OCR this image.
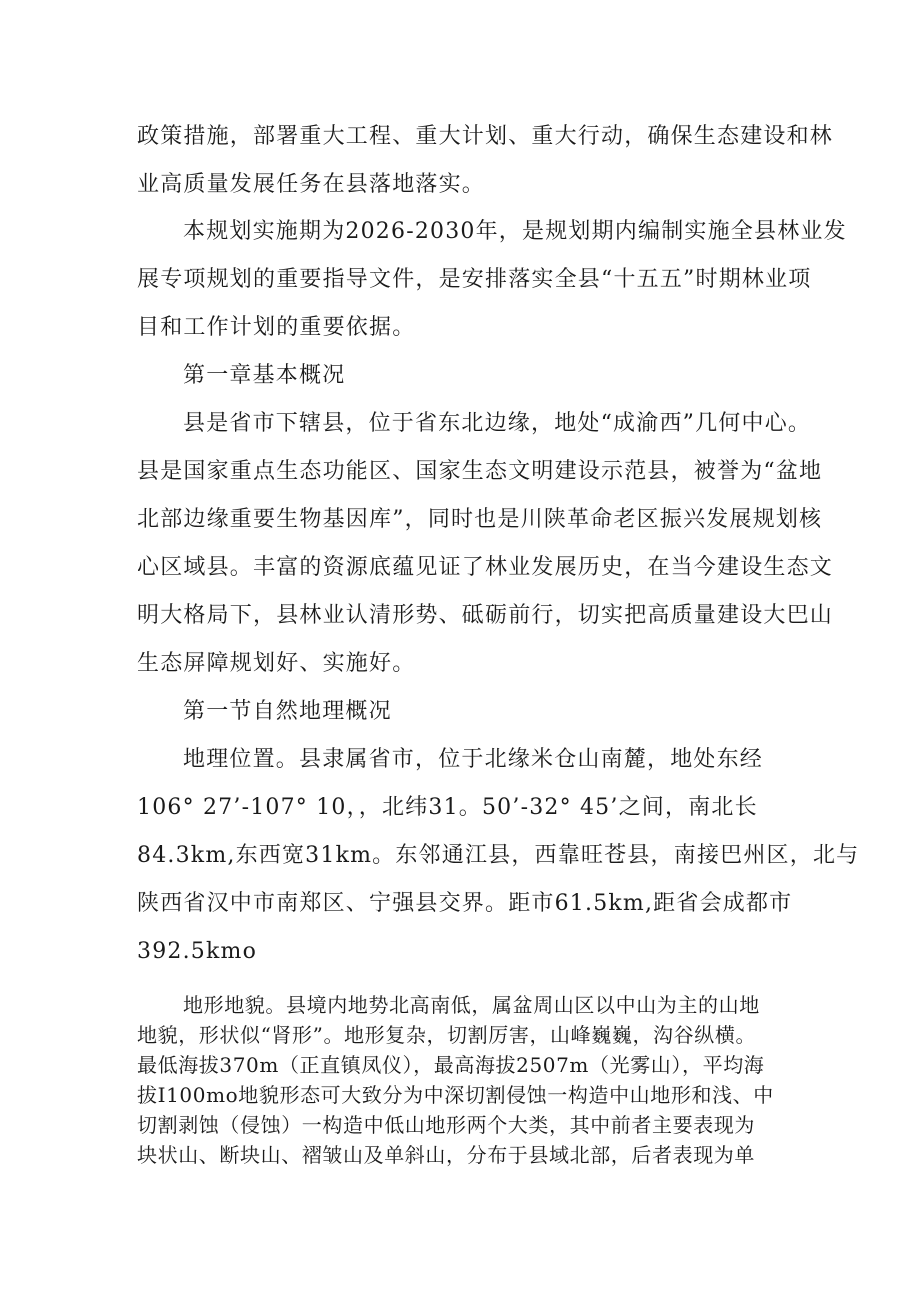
政策措施，部署重大工程、重大计划、重大行动，确保生态建设和林
业高质量发展任务在县落地落实。
本规划实施期为2026-2030年，是规划期内编制实施全县林业发
展专项规划的重要指导文件，是安排落实全县“十五五”时期林业项
目和工作计划的重要依据。
第一章基本概况
县是省市下辖县，位于省东北边缘，地处“成渝西”几何中心。
县是国家重点生态功能区、国家生态文明建设示范县，被誉为“盆地
北部边缘重要生物基因库”，同时也是川陕革命老区振兴发展规划核
心区域县。丰富的资源底蕴见证了林业发展历史，在当今建设生态文
明大格局下，县林业认清形势、砥砺前行，切实把高质量建设大巴山
生态屏障规划好、实施好。
第一节自然地理概况
地理位置。县隶属省市，位于北缘米仓山南麓，地处东经
106° 27’-107° 10，，北纬31。50’-32° 45’之间，南北长
84.3km,东西宽31km。东邻通江县，西靠旺苍县，南接巴州区，北与
陕西省汉中市南郑区、宁强县交界。距市61.5km,距省会成都市
392.5kmo
地形地貌。县境内地势北高南低，属盆周山区以中山为主的山地
地貌，形状似“肾形”。地形复杂，切割厉害，山峰巍巍，沟谷纵横。
最低海拔370m（正直镇凤仪），最高海拔2507m（光雾山），平均海
拔I100mo地貌形态可大致分为中深切割侵蚀一构造中山地形和浅、中
切割剥蚀（侵蚀）一构造中低山地形两个大类，其中前者主要表现为
块状山、断块山、褶皱山及单斜山，分布于县域北部，后者表现为单
